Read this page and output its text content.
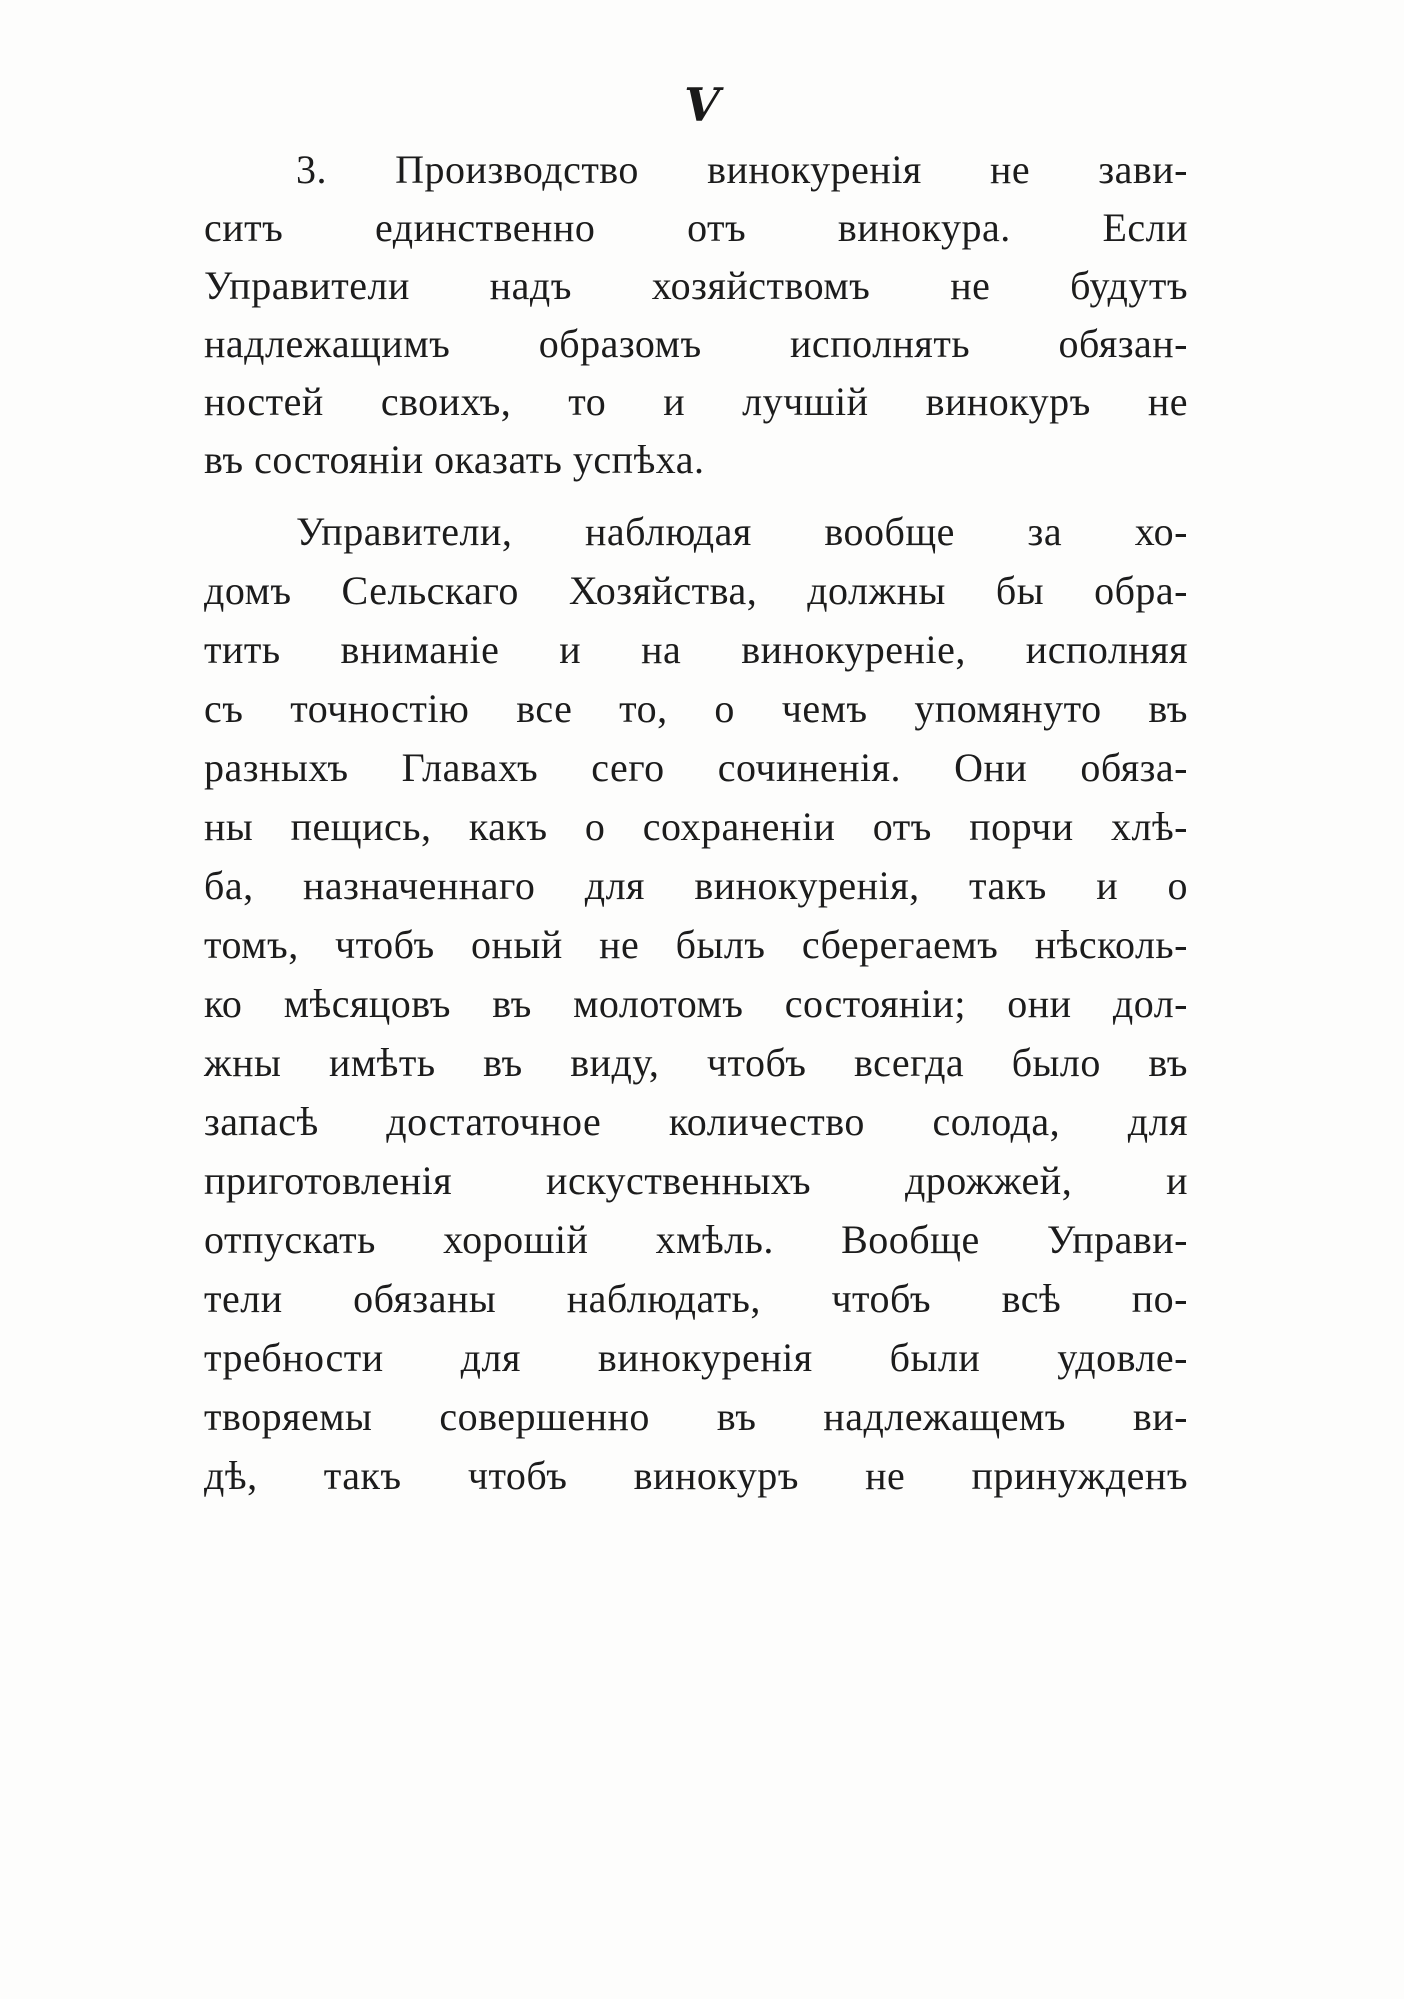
V
3. Производство винокуренія не зави-
ситъ единственно отъ винокура. Если
Управители надъ хозяйствомъ не будутъ
надлежащимъ образомъ исполнять обязан-
ностей своихъ, то и лучшій винокуръ не
въ состояніи оказать успѣха.
Управители, наблюдая вообще за хо-
домъ Сельскаго Хозяйства, должны бы обра-
тить вниманіе и на винокуреніе, исполняя
съ точностію все то, о чемъ упомянуто въ
разныхъ Главахъ сего сочиненія. Они обяза-
ны пещись, какъ о сохраненіи отъ порчи хлѣ-
ба, назначеннаго для винокуренія, такъ и о
томъ, чтобъ оный не былъ сберегаемъ нѣсколь-
ко мѣсяцовъ въ молотомъ состояніи; они дол-
жны имѣть въ виду, чтобъ всегда было въ
запасѣ достаточное количество солода, для
приготовленія искуственныхъ дрожжей, и
отпускать хорошій хмѣль. Вообще Управи-
тели обязаны наблюдать, чтобъ всѣ по-
требности для винокуренія были удовле-
творяемы совершенно въ надлежащемъ ви-
дѣ, такъ чтобъ винокуръ не принужденъ
